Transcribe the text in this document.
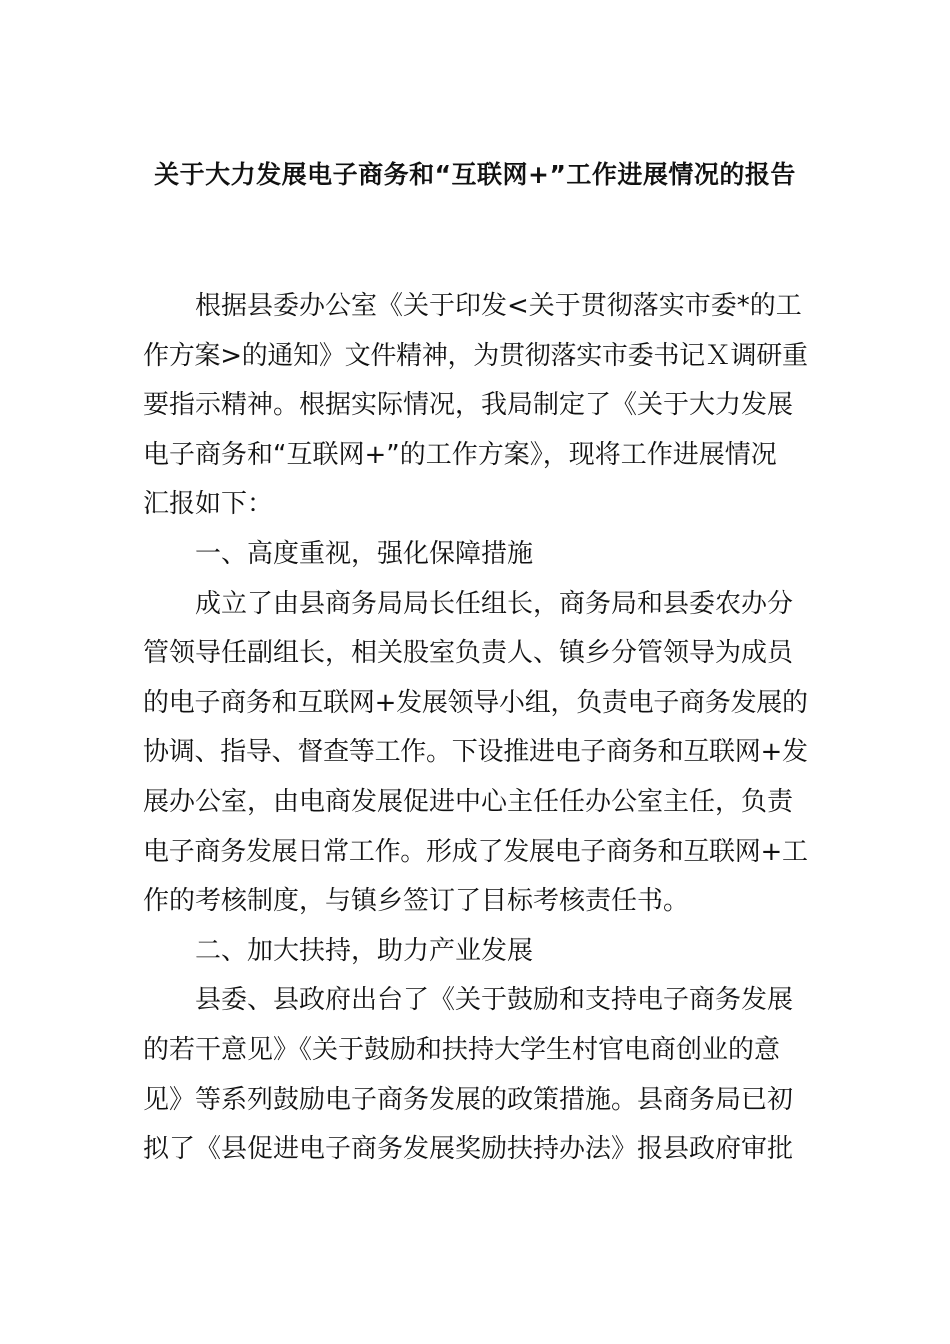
关于大力发展电子商务和“互联网+”工作进展情况的报告
根据县委办公室《关于印发<关于贯彻落实市委*的工
作方案>的通知》文件精神，为贯彻落实市委书记Ｘ调研重
要指示精神。根据实际情况，我局制定了《关于大力发展
电子商务和“互联网+”的工作方案》，现将工作进展情况
汇报如下：
一、高度重视，强化保障措施
成立了由县商务局局长任组长，商务局和县委农办分
管领导任副组长，相关股室负责人、镇乡分管领导为成员
的电子商务和互联网+发展领导小组，负责电子商务发展的
协调、指导、督查等工作。下设推进电子商务和互联网+发
展办公室，由电商发展促进中心主任任办公室主任，负责
电子商务发展日常工作。形成了发展电子商务和互联网+工
作的考核制度，与镇乡签订了目标考核责任书。
二、加大扶持，助力产业发展
县委、县政府出台了《关于鼓励和支持电子商务发展
的若干意见》《关于鼓励和扶持大学生村官电商创业的意
见》等系列鼓励电子商务发展的政策措施。县商务局已初
拟了《县促进电子商务发展奖励扶持办法》报县政府审批
